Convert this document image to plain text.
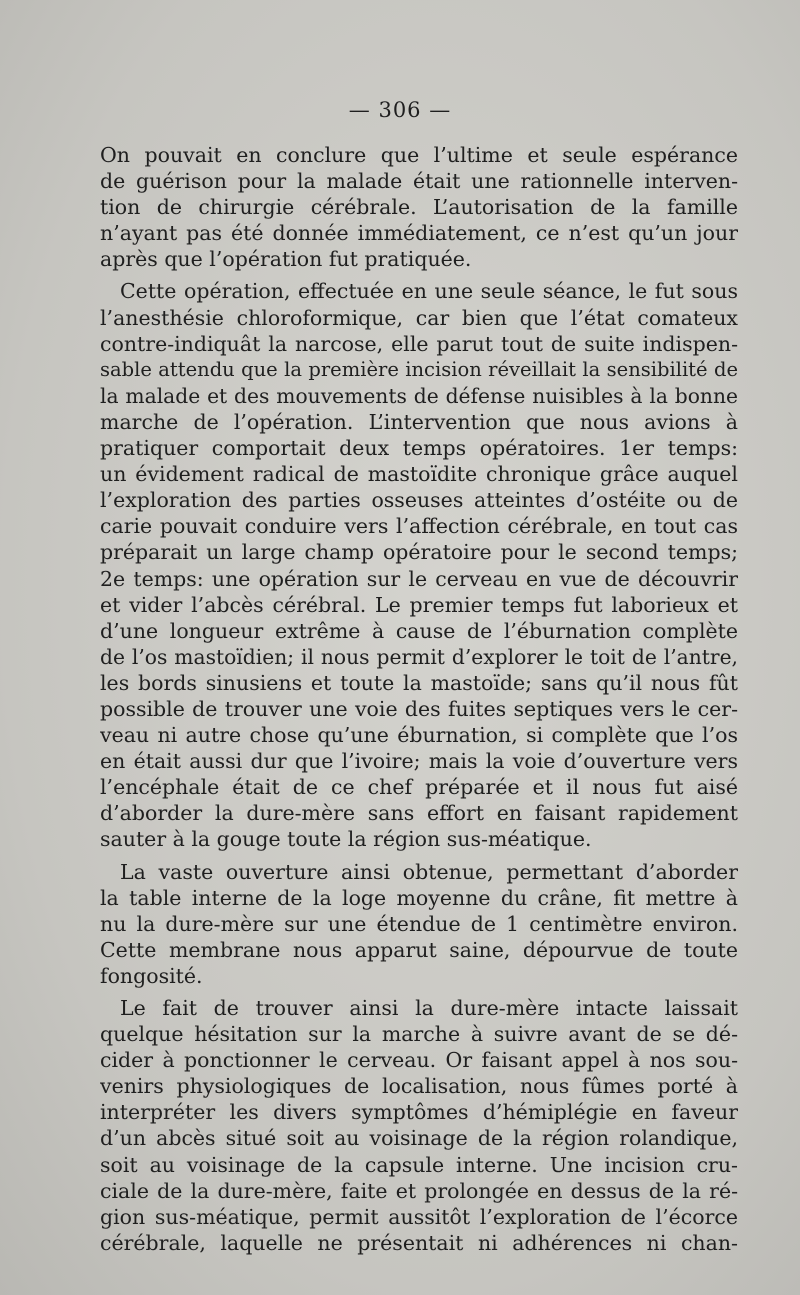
— 306 —
On pouvait en conclure que l’ultime et seule espérance
de guérison pour la malade était une rationnelle interven-
tion de chirurgie cérébrale. L’autorisation de la famille
n’ayant pas été donnée immédiatement, ce n’est qu’un jour
après que l’opération fut pratiquée.
Cette opération, effectuée en une seule séance, le fut sous
l’anesthésie chloroformique, car bien que l’état comateux
contre-indiquât la narcose, elle parut tout de suite indispen-
sable attendu que la première incision réveillait la sensibilité de
la malade et des mouvements de défense nuisibles à la bonne
marche de l’opération. L’intervention que nous avions à
pratiquer comportait deux temps opératoires. 1er temps:
un évidement radical de mastoïdite chronique grâce auquel
l’exploration des parties osseuses atteintes d’ostéite ou de
carie pouvait conduire vers l’affection cérébrale, en tout cas
préparait un large champ opératoire pour le second temps;
2e temps: une opération sur le cerveau en vue de découvrir
et vider l’abcès cérébral. Le premier temps fut laborieux et
d’une longueur extrême à cause de l’éburnation complète
de l’os mastoïdien; il nous permit d’explorer le toit de l’antre,
les bords sinusiens et toute la mastoïde; sans qu’il nous fût
possible de trouver une voie des fuites septiques vers le cer-
veau ni autre chose qu’une éburnation, si complète que l’os
en était aussi dur que l’ivoire; mais la voie d’ouverture vers
l’encéphale était de ce chef préparée et il nous fut aisé
d’aborder la dure-mère sans effort en faisant rapidement
sauter à la gouge toute la région sus-méatique.
La vaste ouverture ainsi obtenue, permettant d’aborder
la table interne de la loge moyenne du crâne, fit mettre à
nu la dure-mère sur une étendue de 1 centimètre environ.
Cette membrane nous apparut saine, dépourvue de toute
fongosité.
Le fait de trouver ainsi la dure-mère intacte laissait
quelque hésitation sur la marche à suivre avant de se dé-
cider à ponctionner le cerveau. Or faisant appel à nos sou-
venirs physiologiques de localisation, nous fûmes porté à
interpréter les divers symptômes d’hémiplégie en faveur
d’un abcès situé soit au voisinage de la région rolandique,
soit au voisinage de la capsule interne. Une incision cru-
ciale de la dure-mère, faite et prolongée en dessus de la ré-
gion sus-méatique, permit aussitôt l’exploration de l’écorce
cérébrale, laquelle ne présentait ni adhérences ni chan-
